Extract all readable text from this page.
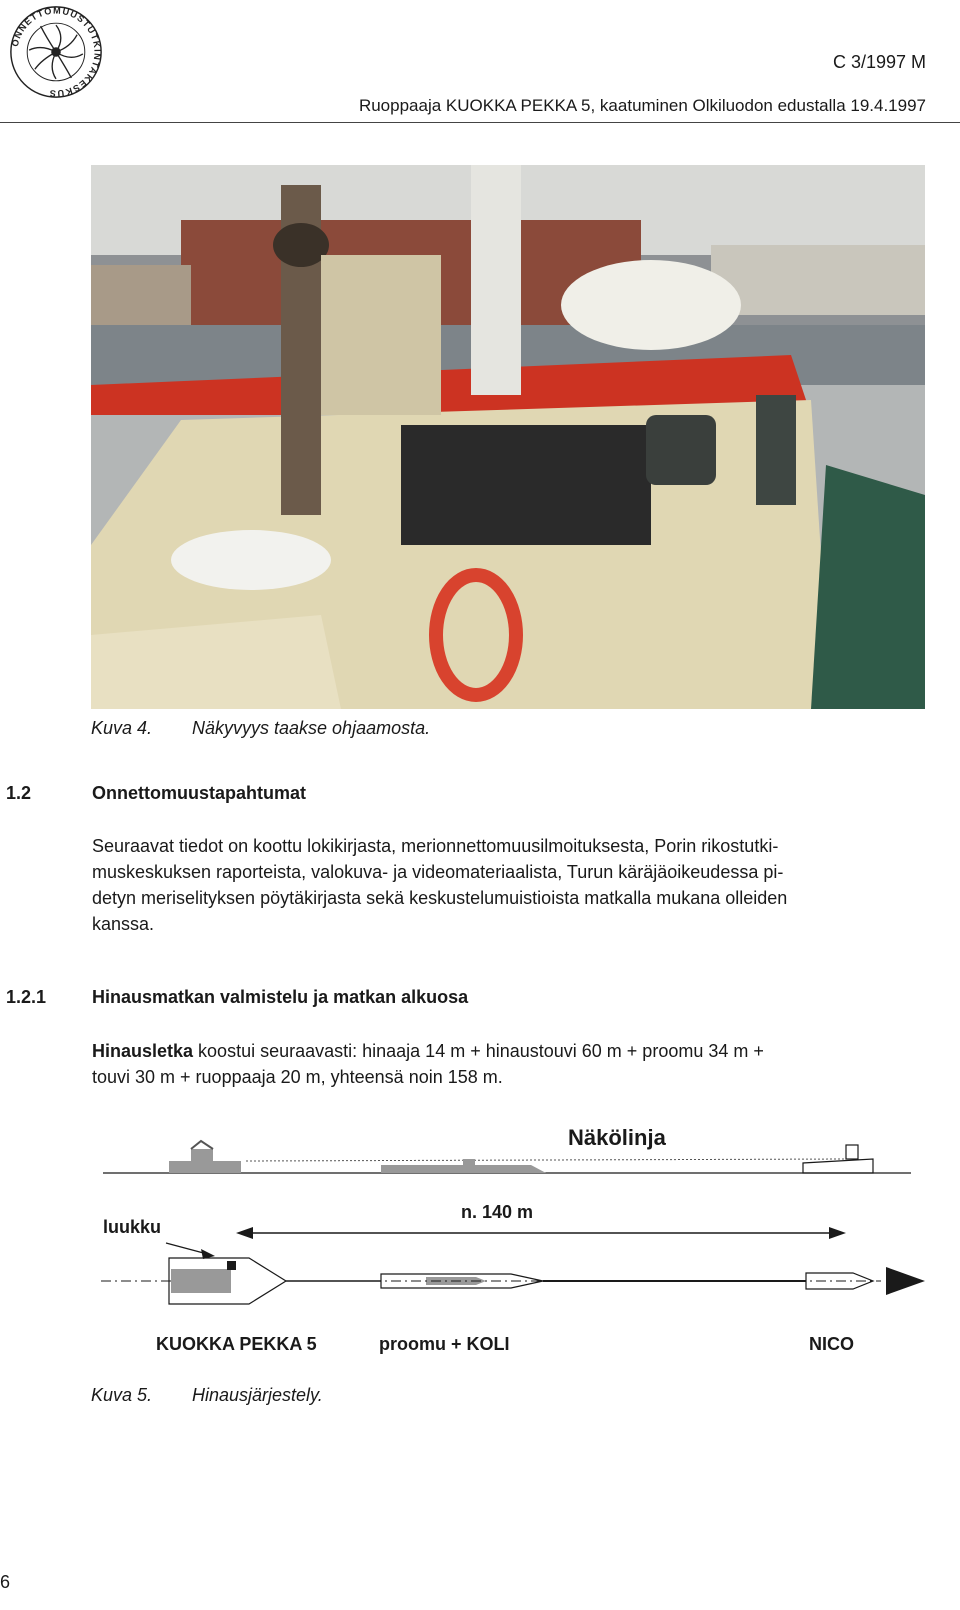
ONNETTOMUUSTUTKINTAKESKUS
C 3/1997 M
Ruoppaaja KUOKKA PEKKA 5, kaatuminen Olkiluodon edustalla 19.4.1997
Kuva 4. Näkyvyys taakse ohjaamosta.
1.2	Onnettomuustapahtumat
Seuraavat tiedot on koottu lokikirjasta, merionnettomuusilmoituksesta, Porin rikostutki-
muskeskuksen raporteista, valokuva- ja videomateriaalista, Turun käräjäoikeudessa pi-
detyn meriselityksen pöytäkirjasta sekä keskustelumuistioista matkalla mukana olleiden
kanssa.
1.2.1	Hinausmatkan valmistelu ja matkan alkuosa
Hinausletka koostui seuraavasti: hinaaja 14 m + hinaustouvi 60 m + proomu 34 m +
touvi 30 m + ruoppaaja 20 m, yhteensä noin 158 m.
Näkölinja
n. 140 m
luukku
KUOKKA PEKKA 5	proomu + KOLI	NICO
Kuva 5. Hinausjärjestely.
6
